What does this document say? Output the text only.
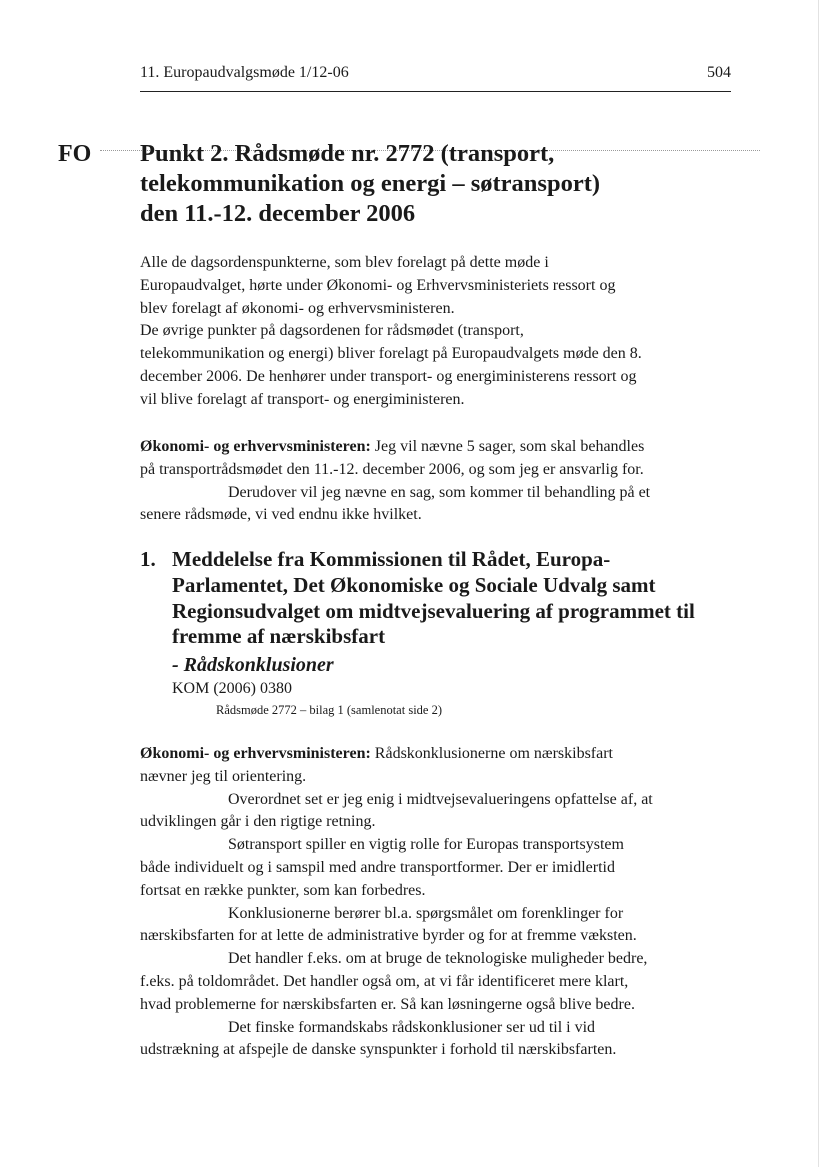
11. Europaudvalgsmøde 1/12-06	504
FO Punkt 2. Rådsmøde nr. 2772 (transport,
telekommunikation og energi – søtransport)
den 11.-12. december 2006

Alle de dagsordenspunkterne, som blev forelagt på dette møde i
Europaudvalget, hørte under Økonomi- og Erhvervsministeriets ressort og
blev forelagt af økonomi- og erhvervsministeren.
De øvrige punkter på dagsordenen for rådsmødet (transport,
telekommunikation og energi) bliver forelagt på Europaudvalgets møde den 8.
december 2006. De henhører under transport- og energiministerens ressort og
vil blive forelagt af transport- og energiministeren.

Økonomi- og erhvervsministeren: Jeg vil nævne 5 sager, som skal behandles
på transportrådsmødet den 11.-12. december 2006, og som jeg er ansvarlig for.
Derudover vil jeg nævne en sag, som kommer til behandling på et
senere rådsmøde, vi ved endnu ikke hvilket.

1. Meddelelse fra Kommissionen til Rådet, Europa-
Parlamentet, Det Økonomiske og Sociale Udvalg samt
Regionsudvalget om midtvejsevaluering af programmet til
fremme af nærskibsfart
- Rådskonklusioner
KOM (2006) 0380
Rådsmøde 2772 – bilag 1 (samlenotat side 2)

Økonomi- og erhvervsministeren: Rådskonklusionerne om nærskibsfart
nævner jeg til orientering.
Overordnet set er jeg enig i midtvejsevalueringens opfattelse af, at
udviklingen går i den rigtige retning.
Søtransport spiller en vigtig rolle for Europas transportsystem
både individuelt og i samspil med andre transportformer. Der er imidlertid
fortsat en række punkter, som kan forbedres.
Konklusionerne berører bl.a. spørgsmålet om forenklinger for
nærskibsfarten for at lette de administrative byrder og for at fremme væksten.
Det handler f.eks. om at bruge de teknologiske muligheder bedre,
f.eks. på toldområdet. Det handler også om, at vi får identificeret mere klart,
hvad problemerne for nærskibsfarten er. Så kan løsningerne også blive bedre.
Det finske formandskabs rådskonklusioner ser ud til i vid
udstrækning at afspejle de danske synspunkter i forhold til nærskibsfarten.
